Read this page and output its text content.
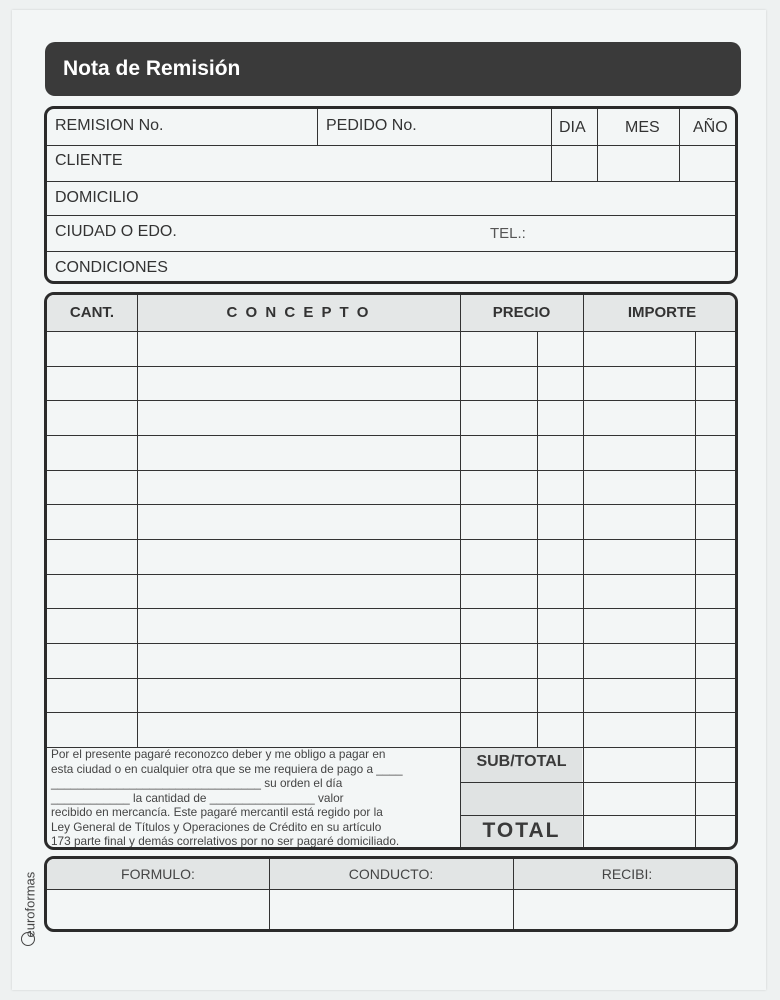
Nota de Remisión
REMISION No.	PEDIDO No.	DIA MES AÑO
CLIENTE
DOMICILIO
CIUDAD O EDO.	TEL.:
CONDICIONES
CANT.	C O N C E P T O	PRECIO	IMPORTE
SUB/TOTAL
TOTAL
Por el presente pagaré reconozco deber y me obligo a pagar en
esta ciudad o en cualquier otra que se me requiera de pago a ____
________________________________ su orden el día
____________ la cantidad de ________________ valor
recibido en mercancía. Este pagaré mercantil está regido por la
Ley General de Títulos y Operaciones de Crédito en su artículo
173 parte final y demás correlativos por no ser pagaré domiciliado.
FORMULO:	CONDUCTO:	RECIBI:
euroformas
